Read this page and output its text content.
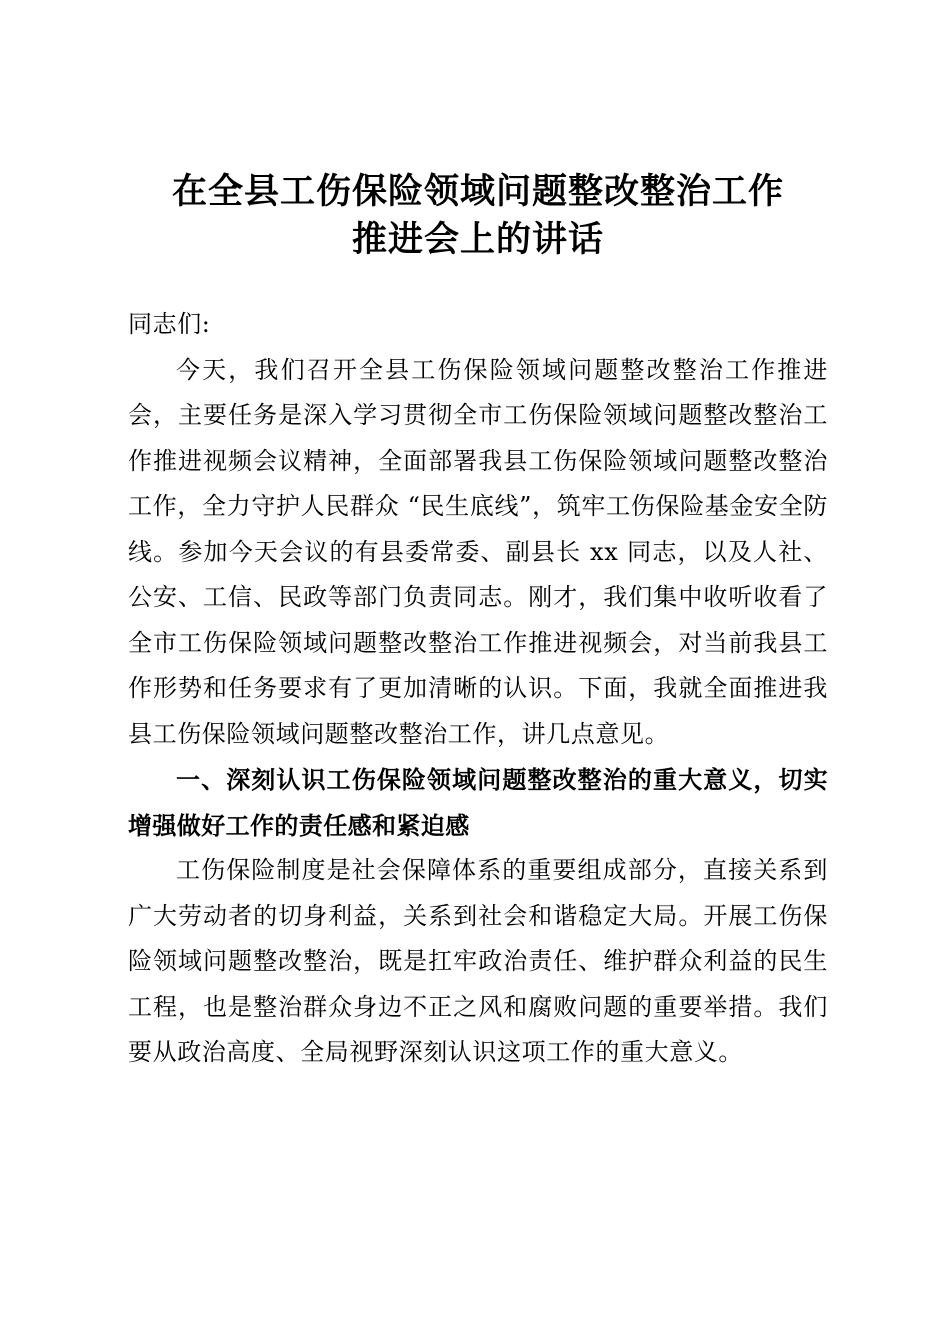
在全县工伤保险领域问题整改整治工作
推进会上的讲话

同志们:

今天，我们召开全县工伤保险领域问题整改整治工作推进会，主要任务是深入学习贯彻全市工伤保险领域问题整改整治工作推进视频会议精神，全面部署我县工伤保险领域问题整改整治工作，全力守护人民群众 “民生底线”，筑牢工伤保险基金安全防线。参加今天会议的有县委常委、副县长 xx 同志，以及人社、公安、工信、民政等部门负责同志。刚才，我们集中收听收看了全市工伤保险领域问题整改整治工作推进视频会，对当前我县工作形势和任务要求有了更加清晰的认识。下面，我就全面推进我县工伤保险领域问题整改整治工作，讲几点意见。

一、深刻认识工伤保险领域问题整改整治的重大意义，切实增强做好工作的责任感和紧迫感

工伤保险制度是社会保障体系的重要组成部分，直接关系到广大劳动者的切身利益，关系到社会和谐稳定大局。开展工伤保险领域问题整改整治，既是扛牢政治责任、维护群众利益的民生工程，也是整治群众身边不正之风和腐败问题的重要举措。我们要从政治高度、全局视野深刻认识这项工作的重大意义。
